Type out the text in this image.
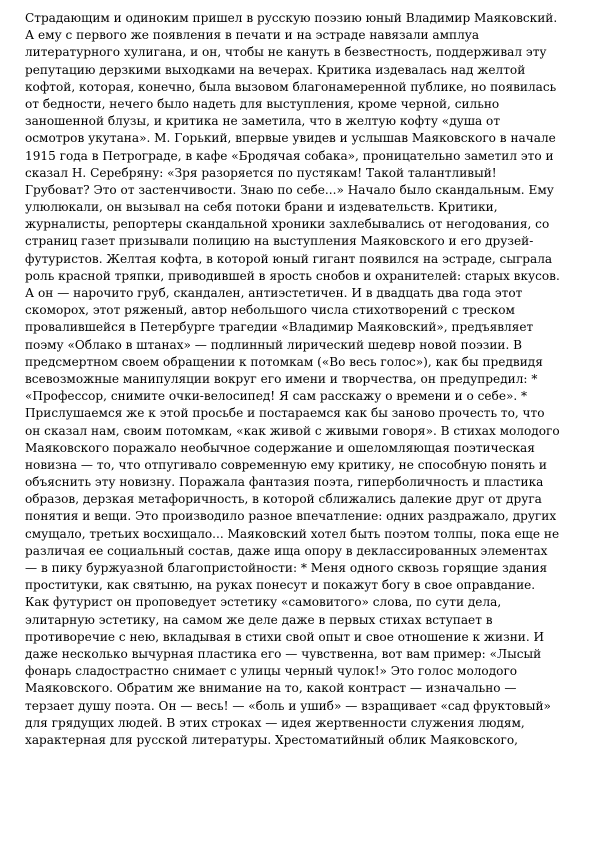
Страдающим и одиноким пришел в русскую поэзию юный Владимир Маяковский.
А ему с первого же появления в печати и на эстраде навязали амплуа
литературного хулигана, и он, чтобы не кануть в безвестность, поддерживал эту
репутацию дерзкими выходками на вечерах. Критика издевалась над желтой
кофтой, которая, конечно, была вызовом благонамеренной публике, но появилась
от бедности, нечего было надеть для выступления, кроме черной, сильно
заношенной блузы, и критика не заметила, что в желтую кофту «душа от
осмотров укутана». М. Горький, впервые увидев и услышав Маяковского в начале
1915 года в Петрограде, в кафе «Бродячая собака», проницательно заметил это и
сказал Н. Серебряну: «Зря разоряется по пустякам! Такой талантливый!
Грубоват? Это от застенчивости. Знаю по себе...» Начало было скандальным. Ему
улюлюкали, он вызывал на себя потоки брани и издевательств. Критики,
журналисты, репортеры скандальной хроники захлебывались от негодования, со
страниц газет призывали полицию на выступления Маяковского и его друзей-
футуристов. Желтая кофта, в которой юный гигант появился на эстраде, сыграла
роль красной тряпки, приводившей в ярость снобов и охранителей: старых вкусов.
А он — нарочито груб, скандален, антиэстетичен. И в двадцать два года этот
скоморох, этот ряженый, автор небольшого числа стихотворений с треском
провалившейся в Петербурге трагедии «Владимир Маяковский», предъявляет
поэму «Облако в штанах» — подлинный лирический шедевр новой поэзии. В
предсмертном своем обращении к потомкам («Во весь голос»), как бы предвидя
всевозможные манипуляции вокруг его имени и творчества, он предупредил: *
«Профессор, снимите очки-велосипед! Я сам расскажу о времени и о себе». *
Прислушаемся же к этой просьбе и постараемся как бы заново прочесть то, что
он сказал нам, своим потомкам, «как живой с живыми говоря». В стихах молодого
Маяковского поражало необычное содержание и ошеломляющая поэтическая
новизна — то, что отпугивало современную ему критику, не способную понять и
объяснить эту новизну. Поражала фантазия поэта, гиперболичность и пластика
образов, дерзкая метафоричность, в которой сближались далекие друг от друга
понятия и вещи. Это производило разное впечатление: одних раздражало, других
смущало, третьих восхищало... Маяковский хотел быть поэтом толпы, пока еще не
различая ее социальный состав, даже ища опору в деклассированных элементах
— в пику буржуазной благопристойности: * Меня одного сквозь горящие здания
проституки, как святыню, на руках понесут и покажут богу в свое оправдание.
Как футурист он проповедует эстетику «самовитого» слова, по сути дела,
элитарную эстетику, на самом же деле даже в первых стихах вступает в
противоречие с нею, вкладывая в стихи свой опыт и свое отношение к жизни. И
даже несколько вычурная пластика его — чувственна, вот вам пример: «Лысый
фонарь сладострастно снимает с улицы черный чулок!» Это голос молодого
Маяковского. Обратим же внимание на то, какой контраст — изначально —
терзает душу поэта. Он — весь! — «боль и ушиб» — взращивает «сад фруктовый»
для грядущих людей. В этих строках — идея жертвенности служения людям,
характерная для русской литературы. Хрестоматийный облик Маяковского,
